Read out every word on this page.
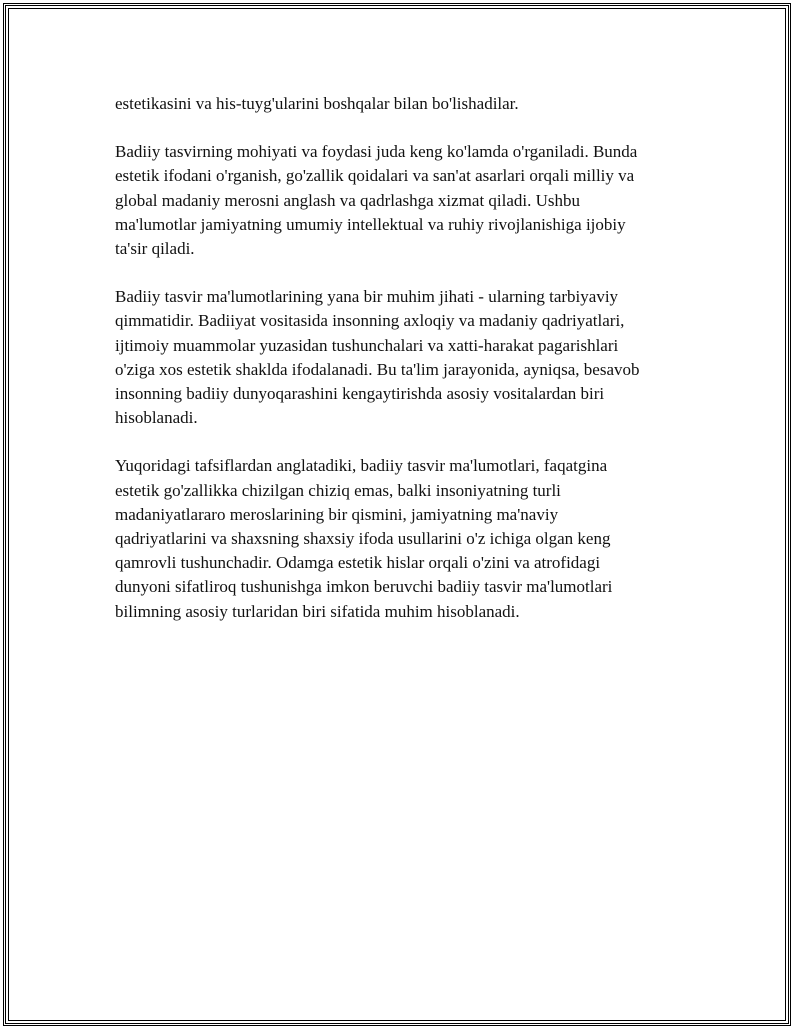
estetikasini va his-tuyg'ularini boshqalar bilan bo'lishadilar.

Badiiy tasvirning mohiyati va foydasi juda keng ko'lamda o'rganiladi. Bunda
estetik ifodani o'rganish, go'zallik qoidalari va san'at asarlari orqali milliy va
global madaniy merosni anglash va qadrlashga xizmat qiladi. Ushbu
ma'lumotlar jamiyatning umumiy intellektual va ruhiy rivojlanishiga ijobiy
ta'sir qiladi.

Badiiy tasvir ma'lumotlarining yana bir muhim jihati - ularning tarbiyaviy
qimmatidir. Badiiyat vositasida insonning axloqiy va madaniy qadriyatlari,
ijtimoiy muammolar yuzasidan tushunchalari va xatti-harakat pagarishlari
o'ziga xos estetik shaklda ifodalanadi. Bu ta'lim jarayonida, ayniqsa, besavob
insonning badiiy dunyoqarashini kengaytirishda asosiy vositalardan biri
hisoblanadi.

Yuqoridagi tafsiflardan anglatadiki, badiiy tasvir ma'lumotlari, faqatgina
estetik go'zallikka chizilgan chiziq emas, balki insoniyatning turli
madaniyatlararo meroslarining bir qismini, jamiyatning ma'naviy
qadriyatlarini va shaxsning shaxsiy ifoda usullarini o'z ichiga olgan keng
qamrovli tushunchadir. Odamga estetik hislar orqali o'zini va atrofidagi
dunyoni sifatliroq tushunishga imkon beruvchi badiiy tasvir ma'lumotlari
bilimning asosiy turlaridan biri sifatida muhim hisoblanadi.
